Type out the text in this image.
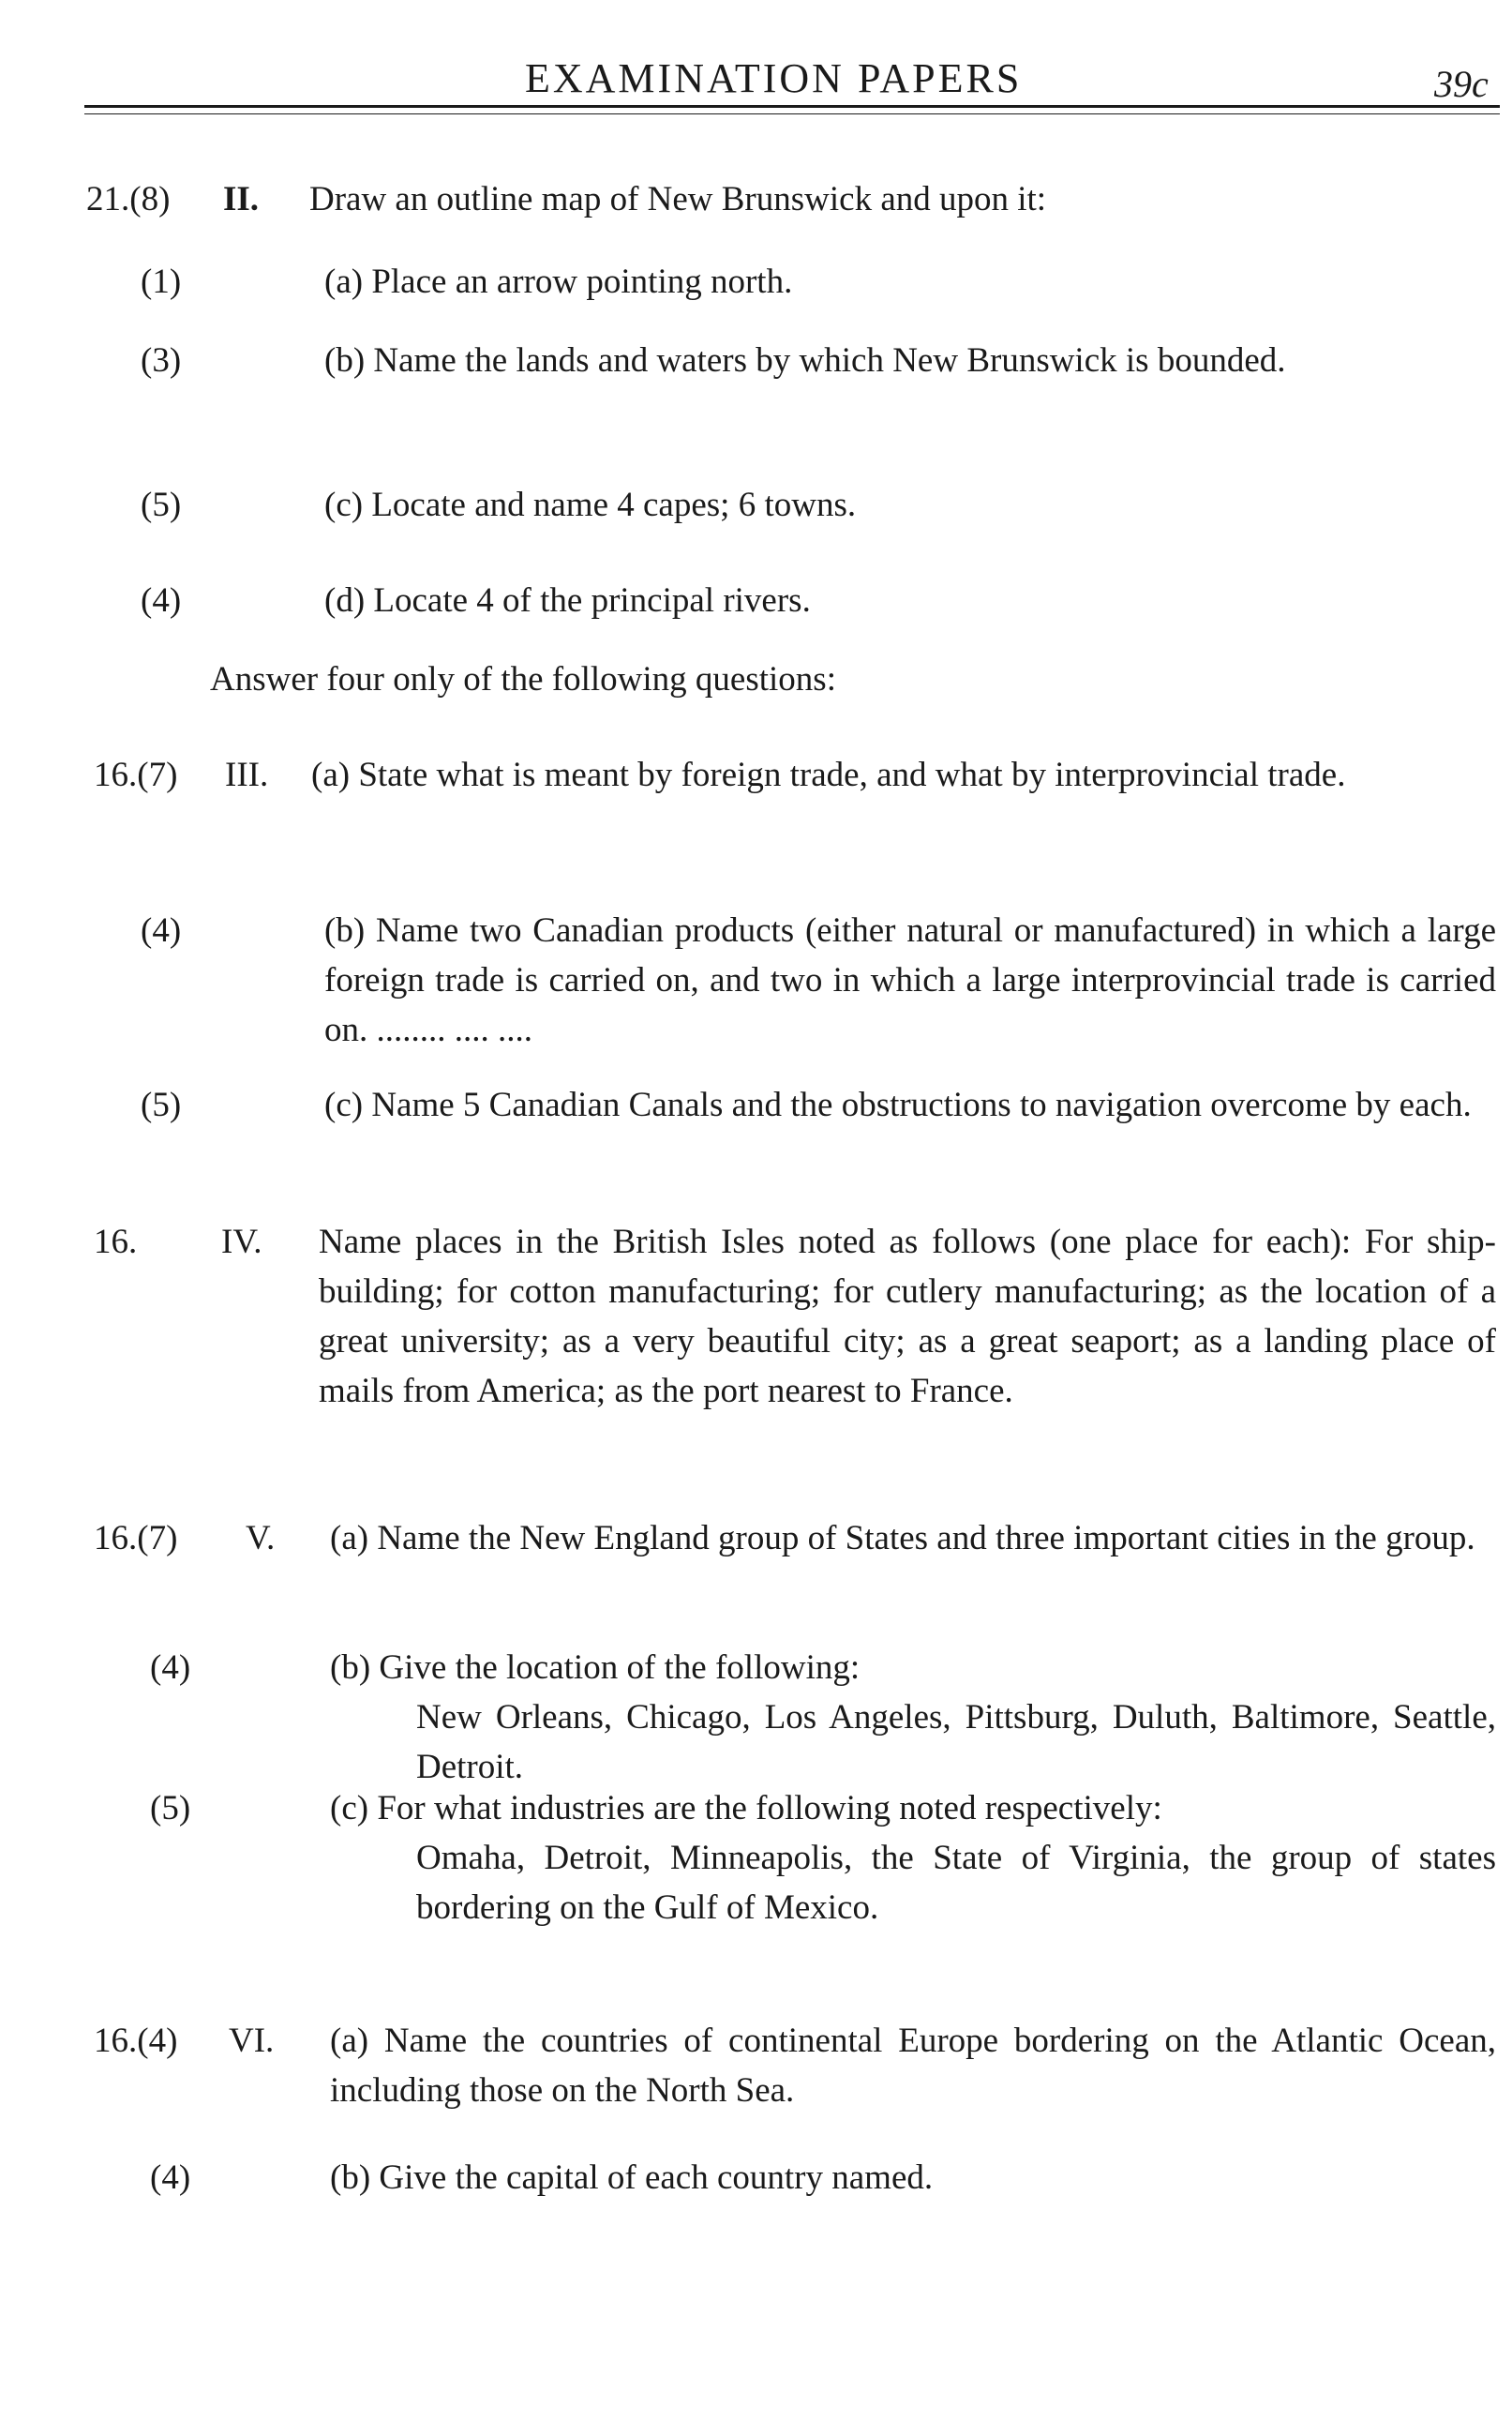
EXAMINATION PAPERS	39c
21.(8) II. Draw an outline map of New Brunswick and upon it:
(1)	(a) Place an arrow pointing north.
(3)	(b) Name the lands and waters by which New Brunswick is bounded.
(5)	(c) Locate and name 4 capes; 6 towns.
(4)	(d) Locate 4 of the principal rivers.
Answer four only of the following questions:
16.(7) III. (a) State what is meant by foreign trade, and what by interprovincial trade.
(4)	(b) Name two Canadian products (either natural or manufactured) in which a large foreign trade is carried on, and two in which a large interprovincial trade is carried on. ........ .... ....
(5)	(c) Name 5 Canadian Canals and the obstructions to navigation overcome by each.
16. IV. Name places in the British Isles noted as follows (one place for each): For ship-building; for cotton manufacturing; for cutlery manufacturing; as the location of a great university; as a very beautiful city; as a great seaport; as a landing place of mails from America; as the port nearest to France.
16.(7) V. (a) Name the New England group of States and three important cities in the group.
(4)	(b) Give the location of the following:
New Orleans, Chicago, Los Angeles, Pittsburg, Duluth, Baltimore, Seattle, Detroit.
(5)	(c) For what industries are the following noted respectively:
Omaha, Detroit, Minneapolis, the State of Virginia, the group of states bordering on the Gulf of Mexico.
16.(4) VI. (a) Name the countries of continental Europe bordering on the Atlantic Ocean, including those on the North Sea.
(4)	(b) Give the capital of each country named.
